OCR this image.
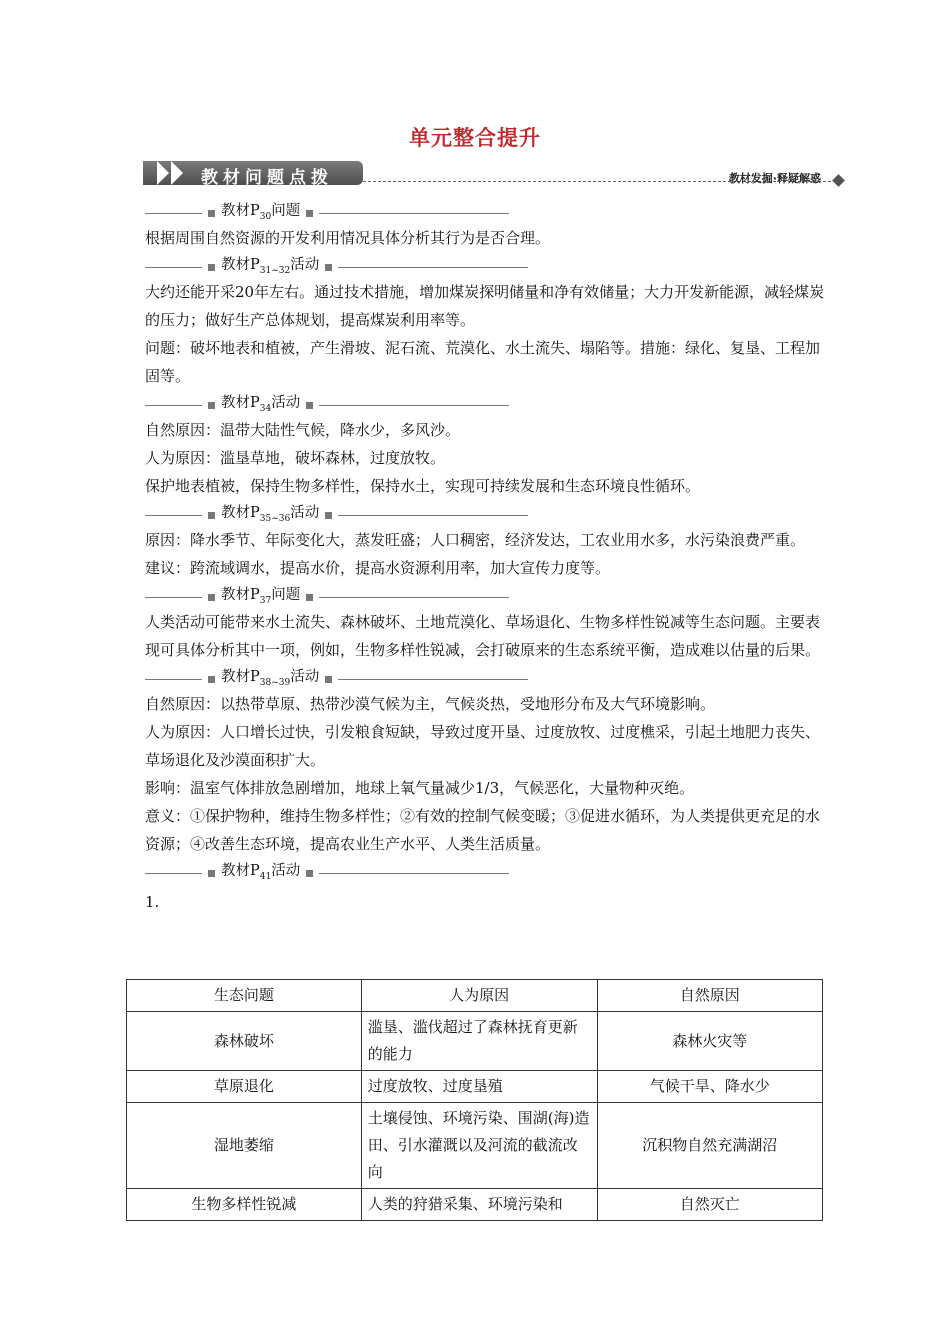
单元整合提升
教材问题点拨	教材发掘·释疑解惑
教材$P_{30}$问题

根据周围自然资源的开发利用情况具体分析其行为是否合理。

教材$P_{31\sim 32}$活动

大约还能开采20年左右。通过技术措施，增加煤炭探明储量和净有效储量；大力开发新能源，减轻煤炭的压力；做好生产总体规划，提高煤炭利用率等。

问题：破坏地表和植被，产生滑坡、泥石流、荒漠化、水土流失、塌陷等。措施：绿化、复垦、工程加固等。

教材$P_{34}$活动

自然原因：温带大陆性气候，降水少，多风沙。

人为原因：滥垦草地，破坏森林，过度放牧。

保护地表植被，保持生物多样性，保持水土，实现可持续发展和生态环境良性循环。

教材$P_{35\sim 36}$活动

原因：降水季节、年际变化大，蒸发旺盛；人口稠密，经济发达，工农业用水多，水污染浪费严重。

建议：跨流域调水，提高水价，提高水资源利用率，加大宣传力度等。

教材$P_{37}$问题

人类活动可能带来水土流失、森林破坏、土地荒漠化、草场退化、生物多样性锐减等生态问题。主要表现可具体分析其中一项，例如，生物多样性锐减，会打破原来的生态系统平衡，造成难以估量的后果。

教材$P_{38\sim 39}$活动

自然原因：以热带草原、热带沙漠气候为主，气候炎热，受地形分布及大气环境影响。

人为原因：人口增长过快，引发粮食短缺，导致过度开垦、过度放牧、过度樵采，引起土地肥力丧失、草场退化及沙漠面积扩大。

影响：温室气体排放急剧增加，地球上氧气量减少1/3，气候恶化，大量物种灭绝。

意义：①保护物种，维持生物多样性；②有效的控制气候变暖；③促进水循环，为人类提供更充足的水资源；④改善生态环境，提高农业生产水平、人类生活质量。

教材$P_{41}$活动

1.

生态问题	人为原因	自然原因
森林破坏	滥垦、滥伐超过了森林抚育更新的能力	森林火灾等
草原退化	过度放牧、过度垦殖	气候干旱、降水少
湿地萎缩	土壤侵蚀、环境污染、围湖(海)造田、引水灌溉以及河流的截流改向	沉积物自然充满湖沼
生物多样性锐减	人类的狩猎采集、环境污染和	自然灭亡
